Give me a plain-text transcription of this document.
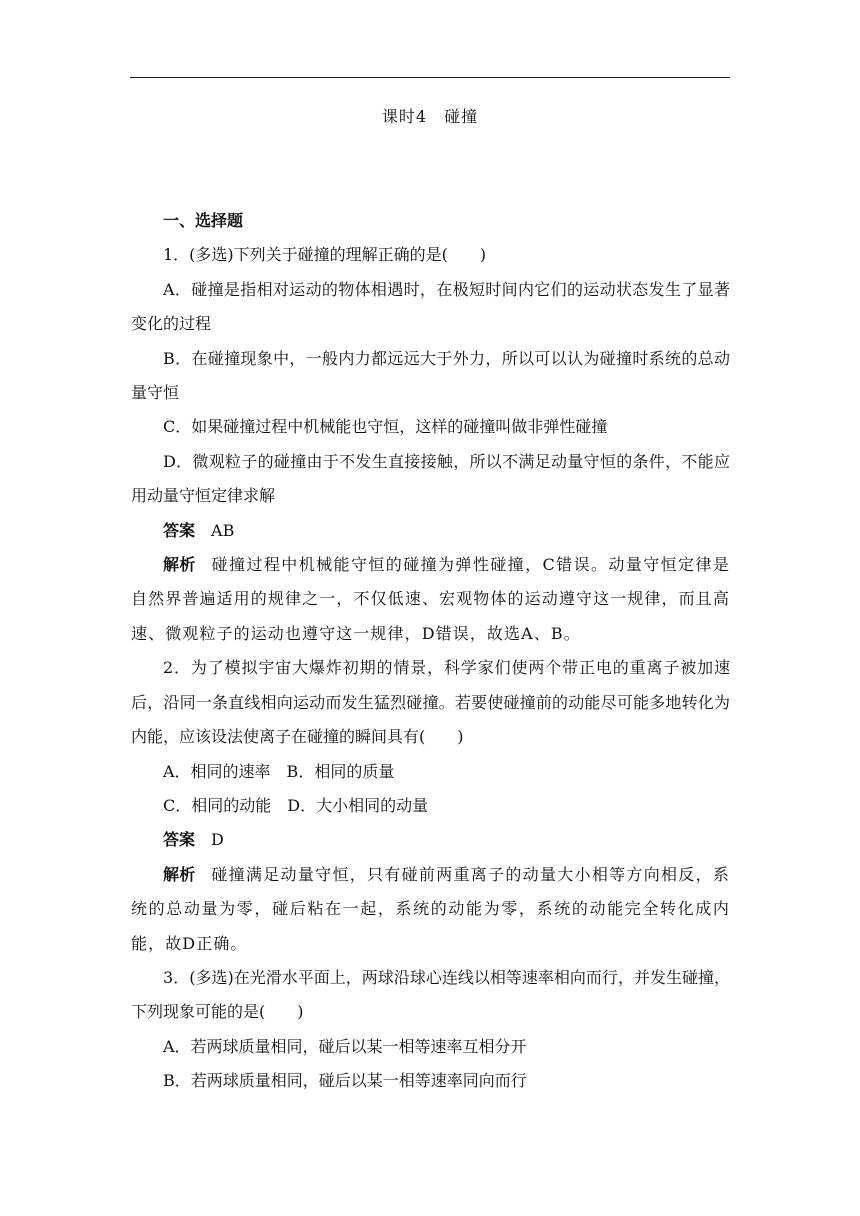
课时4　碰撞

一、选择题

1．(多选)下列关于碰撞的理解正确的是(　　)

A．碰撞是指相对运动的物体相遇时，在极短时间内它们的运动状态发生了显著变化的过程

B．在碰撞现象中，一般内力都远远大于外力，所以可以认为碰撞时系统的总动量守恒

C．如果碰撞过程中机械能也守恒，这样的碰撞叫做非弹性碰撞

D．微观粒子的碰撞由于不发生直接接触，所以不满足动量守恒的条件，不能应用动量守恒定律求解

答案 AB

解析 碰撞过程中机械能守恒的碰撞为弹性碰撞，C错误。动量守恒定律是自然界普遍适用的规律之一，不仅低速、宏观物体的运动遵守这一规律，而且高速、微观粒子的运动也遵守这一规律，D错误，故选A、B。

2．为了模拟宇宙大爆炸初期的情景，科学家们使两个带正电的重离子被加速后，沿同一条直线相向运动而发生猛烈碰撞。若要使碰撞前的动能尽可能多地转化为内能，应该设法使离子在碰撞的瞬间具有(　　)

A．相同的速率　B．相同的质量

C．相同的动能　D．大小相同的动量

答案 D

解析 碰撞满足动量守恒，只有碰前两重离子的动量大小相等方向相反，系统的总动量为零，碰后粘在一起，系统的动能为零，系统的动能完全转化成内能，故D正确。

3．(多选)在光滑水平面上，两球沿球心连线以相等速率相向而行，并发生碰撞，下列现象可能的是(　　)

A．若两球质量相同，碰后以某一相等速率互相分开

B．若两球质量相同，碰后以某一相等速率同向而行
